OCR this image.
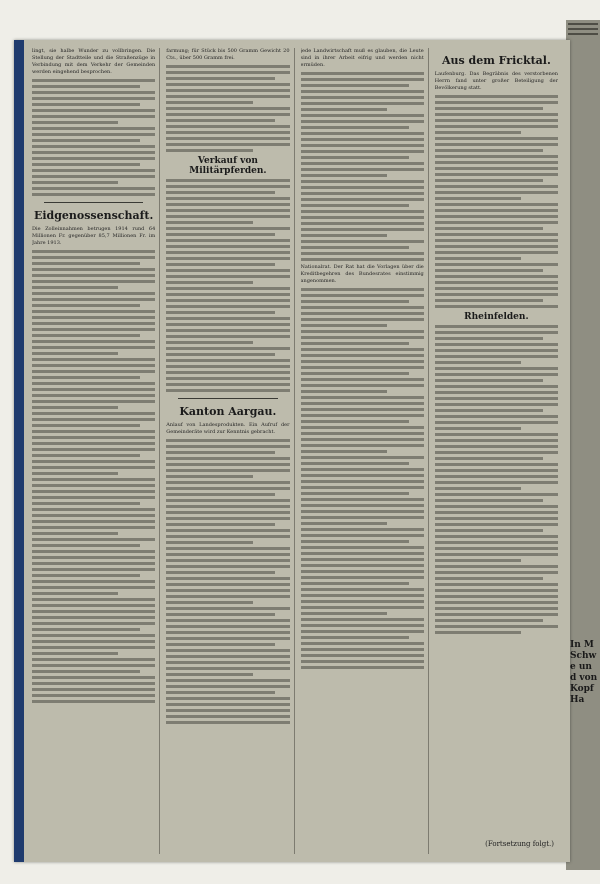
In M Schwe und von Kopf Ha
lingt, sie halbe Wunder zu vollbringen. Die Stellung der Stadtteile und die Straßenzüge in Verbindung mit dem Verkehr der Gemeinden werden eingehend besprochen.
Eidgenossenschaft.
Die Zolleinnahmen betrugen 1914 rund 64 Millionen Fr. gegenüber 85,7 Millionen Fr. im Jahre 1913.
farmung; für Stück bis 500 Gramm Gewicht 20 Cts., über 500 Gramm frei.
Verkauf von Militärpferden.
Kanton Aargau.
Anlauf von Landesprodukten. Ein Aufruf der Gemeinderäte wird zur Kenntnis gebracht.
jede Landwirtschaft muß es glauben, die Leute sind in ihrer Arbeit eifrig und werden nicht ermüden.
Nationalrat. Der Rat hat die Vorlagen über die Kreditbegehren des Bundesrates einstimmig angenommen.
Aus dem Fricktal.
Laufenburg. Das Begräbnis des verstorbenen Herrn fand unter großer Beteiligung der Bevölkerung statt.
Rheinfelden.
(Fortsetzung folgt.)
